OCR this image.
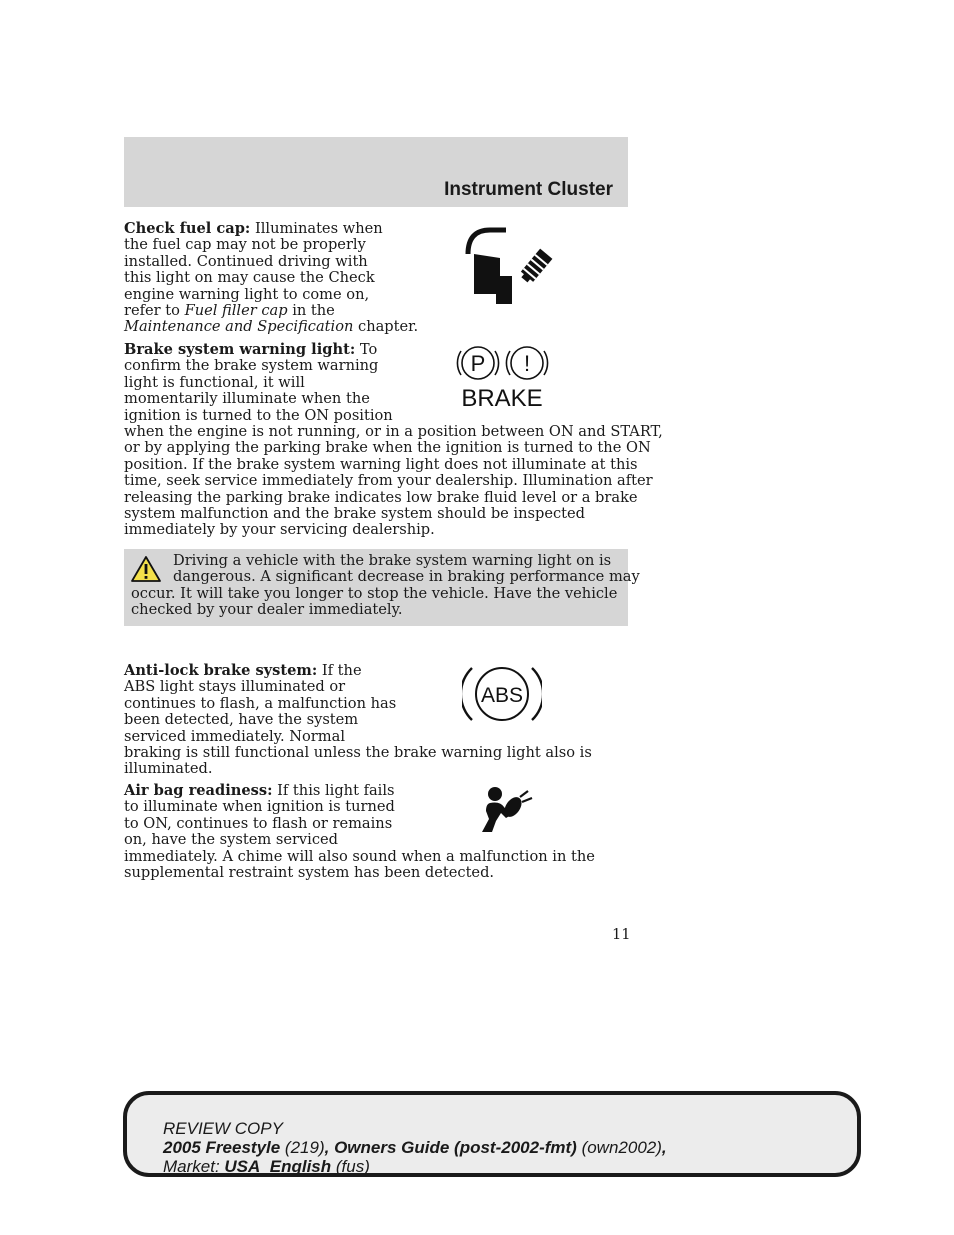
Instrument Cluster
Check fuel cap: Illuminates when
the fuel cap may not be properly
installed. Continued driving with
this light on may cause the Check
engine warning light to come on,
refer to Fuel filler cap in the
Maintenance and Specification chapter.
Brake system warning light: To
confirm the brake system warning
light is functional, it will
momentarily illuminate when the
ignition is turned to the ON position
when the engine is not running, or in a position between ON and START,
or by applying the parking brake when the ignition is turned to the ON
position. If the brake system warning light does not illuminate at this
time, seek service immediately from your dealership. Illumination after
releasing the parking brake indicates low brake fluid level or a brake
system malfunction and the brake system should be inspected
immediately by your servicing dealership.
P !
BRAKE
Driving a vehicle with the brake system warning light on is
dangerous. A significant decrease in braking performance may
occur. It will take you longer to stop the vehicle. Have the vehicle
checked by your dealer immediately.
Anti-lock brake system: If the
ABS light stays illuminated or
continues to flash, a malfunction has
been detected, have the system
serviced immediately. Normal
braking is still functional unless the brake warning light also is
illuminated.
ABS
Air bag readiness: If this light fails
to illuminate when ignition is turned
to ON, continues to flash or remains
on, have the system serviced
immediately. A chime will also sound when a malfunction in the
supplemental restraint system has been detected.
11
REVIEW COPY
2005 Freestyle (219), Owners Guide (post-2002-fmt) (own2002),
Market: USA_English (fus)
